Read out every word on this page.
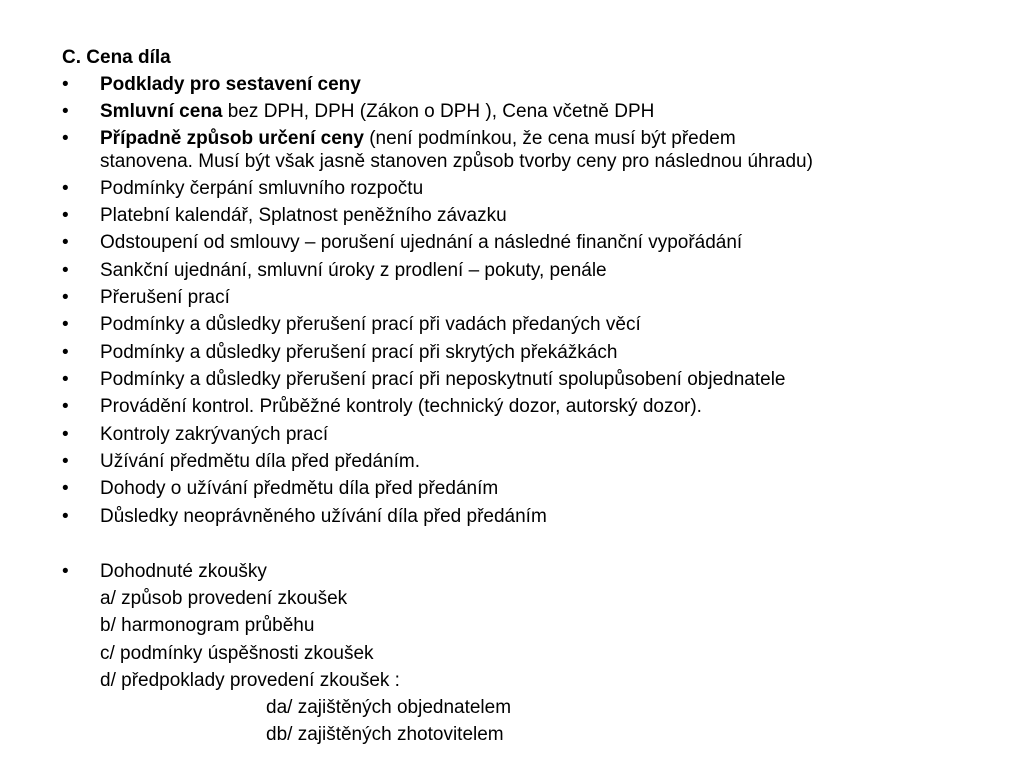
C. Cena díla
• Podklady pro sestavení ceny
• Smluvní cena bez DPH, DPH (Zákon o DPH ), Cena včetně DPH
• Případně způsob určení ceny (není podmínkou, že cena musí být předem
stanovena. Musí být však jasně stanoven způsob tvorby ceny pro následnou úhradu)
• Podmínky čerpání smluvního rozpočtu
• Platební kalendář, Splatnost peněžního závazku
• Odstoupení od smlouvy – porušení ujednání a následné finanční vypořádání
• Sankční ujednání, smluvní úroky z prodlení – pokuty, penále
• Přerušení prací
• Podmínky a důsledky přerušení prací při vadách předaných věcí
• Podmínky a důsledky přerušení prací při skrytých překážkách
• Podmínky a důsledky přerušení prací při neposkytnutí spolupůsobení objednatele
• Provádění kontrol. Průběžné kontroly (technický dozor, autorský dozor).
• Kontroly zakrývaných prací
• Užívání předmětu díla před předáním.
• Dohody o užívání předmětu díla před předáním
• Důsledky neoprávněného užívání díla před předáním
• Dohodnuté zkoušky
a/ způsob provedení zkoušek
b/ harmonogram průběhu
c/ podmínky úspěšnosti zkoušek
d/ předpoklady provedení zkoušek :
da/ zajištěných objednatelem
db/ zajištěných zhotovitelem
